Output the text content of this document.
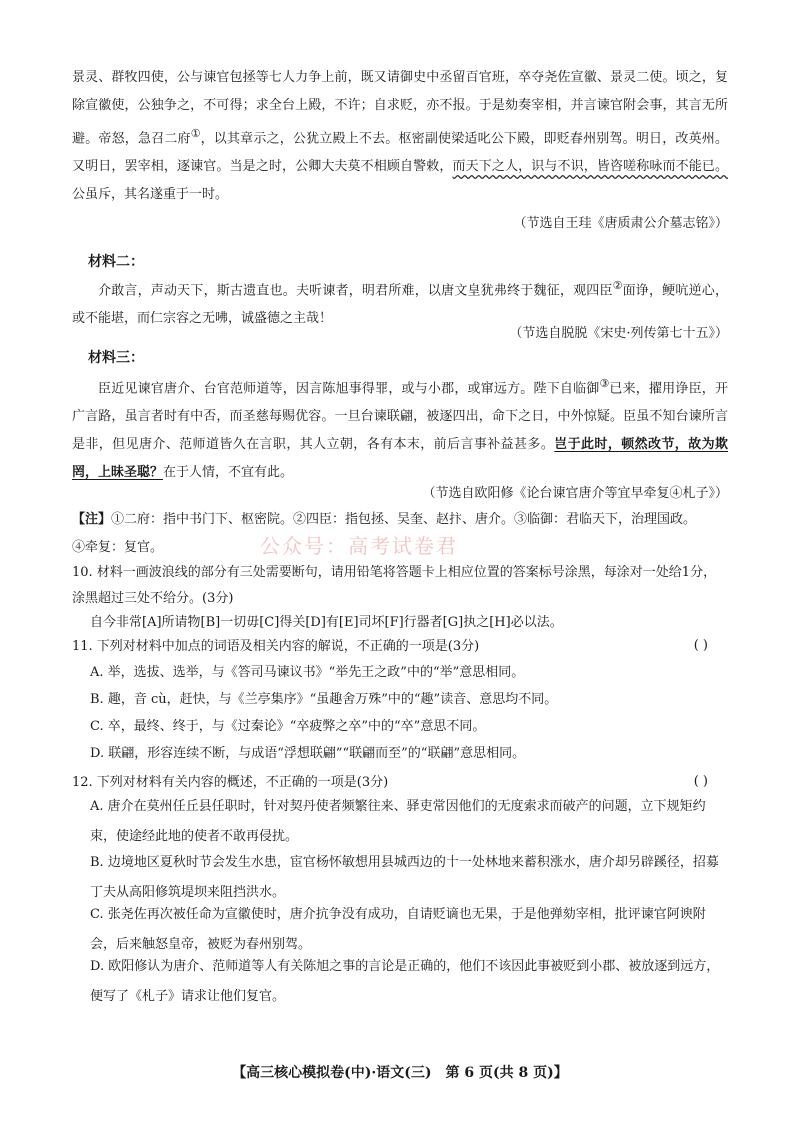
景灵、群牧四使，公与谏官包拯等七人力争上前，既又请御史中丞留百官班，卒夺尧佐宣徽、景灵二使。顷之，复除宣徽使，公独争之，不可得；求全台上殿，不许；自求贬，亦不报。于是劾奏宰相，并言谏官附会事，其言无所避。帝怒，急召二府①，以其章示之，公犹立殿上不去。枢密副使梁适叱公下殿，即贬春州别驾。明日，改英州。又明日，罢宰相，逐谏官。当是之时，公卿大夫莫不相顾自警敕，而天下之人，识与不识，皆咨嗟称咏而不能已。公虽斥，其名遂重于一时。
（节选自王珪《唐质肃公介墓志铭》）
材料二：
介敢言，声动天下，斯古遗直也。夫听谏者，明君所难，以唐文皇犹弗终于魏征，观四臣②面诤，鲠吭逆心，或不能堪，而仁宗容之无咈，诚盛德之主哉！
（节选自脱脱《宋史·列传第七十五》）
材料三：
臣近见谏官唐介、台官范师道等，因言陈旭事得罪，或与小郡，或窜远方。陛下自临御③已来，擢用诤臣，开广言路，虽言者时有中否，而圣慈每赐优容。一旦台谏联翩，被逐四出，命下之日，中外惊疑。臣虽不知台谏所言是非，但见唐介、范师道皆久在言职，其人立朝，各有本末，前后言事补益甚多。岂于此时，顿然改节，故为欺罔，上昧圣聪？在于人情，不宜有此。
（节选自欧阳修《论台谏官唐介等宜早牵复④札子》）
【注】①二府：指中书门下、枢密院。②四臣：指包拯、吴奎、赵抃、唐介。③临御：君临天下，治理国政。
④牵复：复官。	公众号：高考试卷君
10. 材料一画波浪线的部分有三处需要断句，请用铅笔将答题卡上相应位置的答案标号涂黑，每涂对一处给1分，涂黑超过三处不给分。(3分)
自今非常[A]所请物[B]一切毋[C]得关[D]有[E]司坏[F]行器者[G]执之[H]必以法。
11. 下列对材料中加点的词语及相关内容的解说，不正确的一项是(3分)	( )
A. 举，选拔、选举，与《答司马谏议书》“举先王之政”中的“举”意思相同。
B. 趣，音 cù，赶快，与《兰亭集序》“虽趣舍万殊”中的“趣”读音、意思均不同。
C. 卒，最终、终于，与《过秦论》“卒疲弊之卒”中的“卒”意思不同。
D. 联翩，形容连续不断，与成语“浮想联翩”“联翩而至”的“联翩”意思相同。
12. 下列对材料有关内容的概述，不正确的一项是(3分)	( )
A. 唐介在莫州任丘县任职时，针对契丹使者频繁往来、驿吏常因他们的无度索求而破产的问题，立下规矩约束，使途经此地的使者不敢再侵扰。
B. 边境地区夏秋时节会发生水患，宦官杨怀敏想用县城西边的十一处林地来蓄积涨水，唐介却另辟蹊径，招募丁夫从高阳修筑堤坝来阻挡洪水。
C. 张尧佐再次被任命为宣徽使时，唐介抗争没有成功，自请贬谪也无果，于是他弹劾宰相，批评谏官阿谀附会，后来触怒皇帝，被贬为春州别驾。
D. 欧阳修认为唐介、范师道等人有关陈旭之事的言论是正确的，他们不该因此事被贬到小郡、被放逐到远方，便写了《札子》请求让他们复官。
【高三核心模拟卷(中)·语文(三)　第 6 页(共 8 页)】
